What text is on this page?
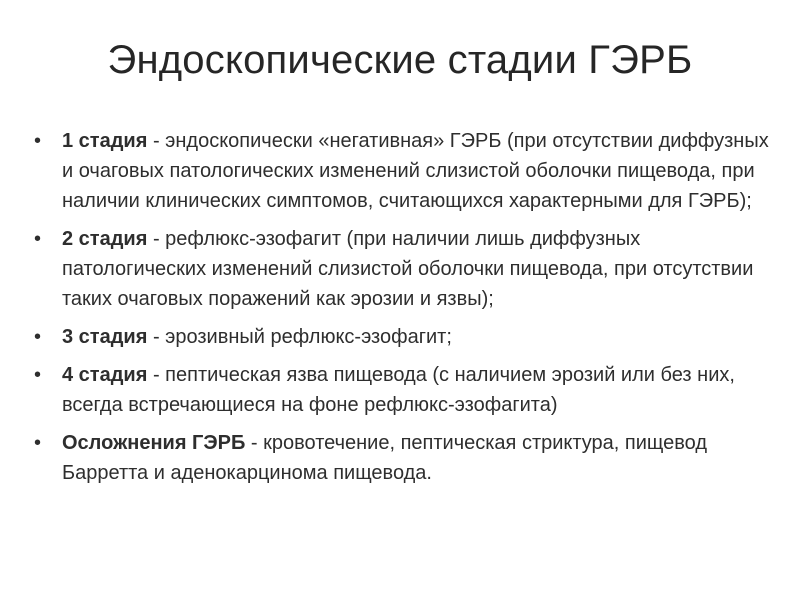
Эндоскопические стадии ГЭРБ
• 1 стадия - эндоскопически «негативная» ГЭРБ (при отсутствии диффузных и очаговых патологических изменений слизистой оболочки пищевода, при наличии клинических симптомов, считающихся характерными для ГЭРБ);
• 2 стадия - рефлюкс-эзофагит (при наличии лишь диффузных патологических изменений слизистой оболочки пищевода, при отсутствии таких очаговых поражений как эрозии и язвы);
• 3 стадия - эрозивный рефлюкс-эзофагит;
• 4 стадия - пептическая язва пищевода (с наличием эрозий или без них, всегда встречающиеся на фоне рефлюкс-эзофагита)
• Осложнения ГЭРБ - кровотечение, пептическая стриктура, пищевод Барретта и аденокарцинома пищевода.
